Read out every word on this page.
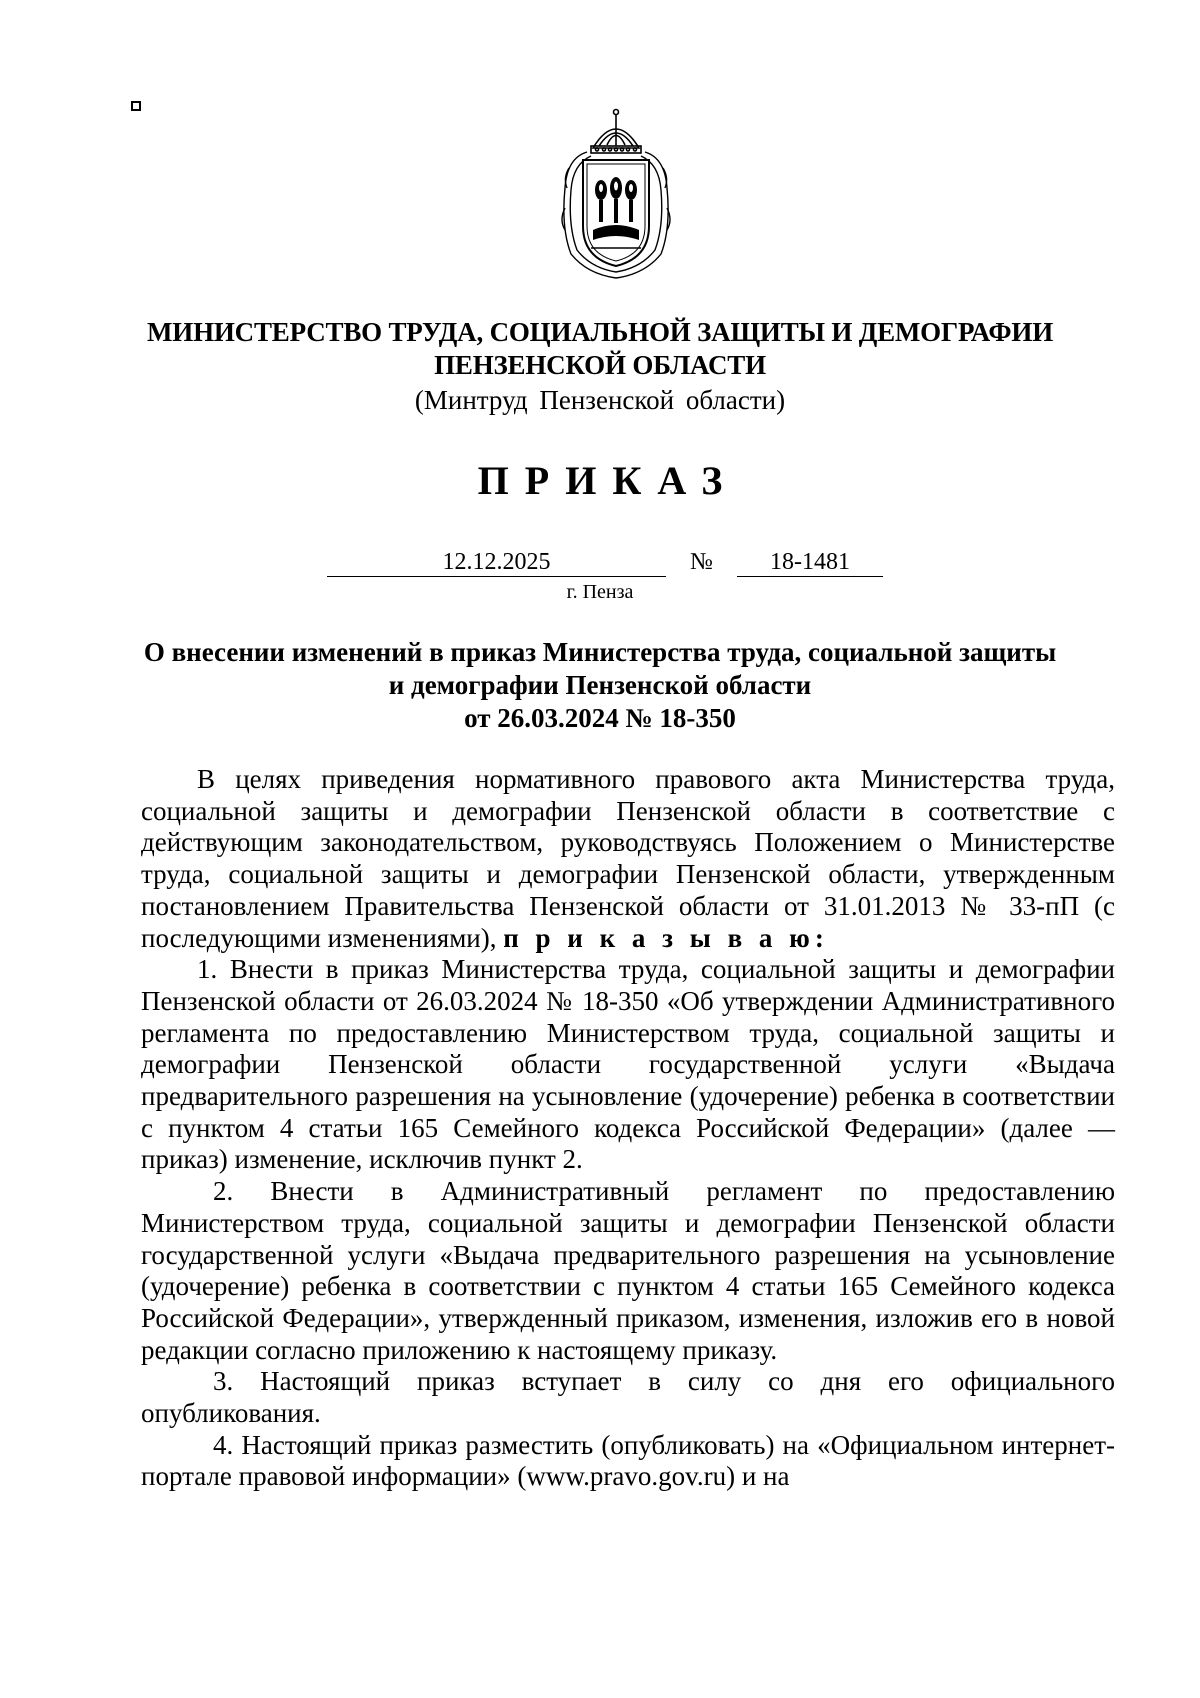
МИНИСТЕРСТВО ТРУДА, СОЦИАЛЬНОЙ ЗАЩИТЫ И ДЕМОГРАФИИ
ПЕНЗЕНСКОЙ ОБЛАСТИ
(Минтруд Пензенской области)
ПРИКАЗ
12.12.2025	№	18-1481
г. Пенза
О внесении изменений в приказ Министерства труда, социальной защиты
и демографии Пензенской области
от 26.03.2024 № 18-350

В целях приведения нормативного правового акта Министерства труда, социальной защиты и демографии Пензенской области в соответствие с действующим законодательством, руководствуясь Положением о Министерстве труда, социальной защиты и демографии Пензенской области, утвержденным постановлением Правительства Пензенской области от 31.01.2013 № 33-пП (с последующими изменениями), п р и к а з ы в а ю:

1. Внести в приказ Министерства труда, социальной защиты и демографии Пензенской области от 26.03.2024 № 18-350 «Об утверждении Административного регламента по предоставлению Министерством труда, социальной защиты и демографии Пензенской области государственной услуги «Выдача предварительного разрешения на усыновление (удочерение) ребенка в соответствии с пунктом 4 статьи 165 Семейного кодекса Российской Федерации» (далее — приказ) изменение, исключив пункт 2.

2. Внести в Административный регламент по предоставлению Министерством труда, социальной защиты и демографии Пензенской области государственной услуги «Выдача предварительного разрешения на усыновление (удочерение) ребенка в соответствии с пунктом 4 статьи 165 Семейного кодекса Российской Федерации», утвержденный приказом, изменения, изложив его в новой редакции согласно приложению к настоящему приказу.

3. Настоящий приказ вступает в силу со дня его официального опубликования.

4. Настоящий приказ разместить (опубликовать) на «Официальном интернет-портале правовой информации» (www.pravo.gov.ru) и на
